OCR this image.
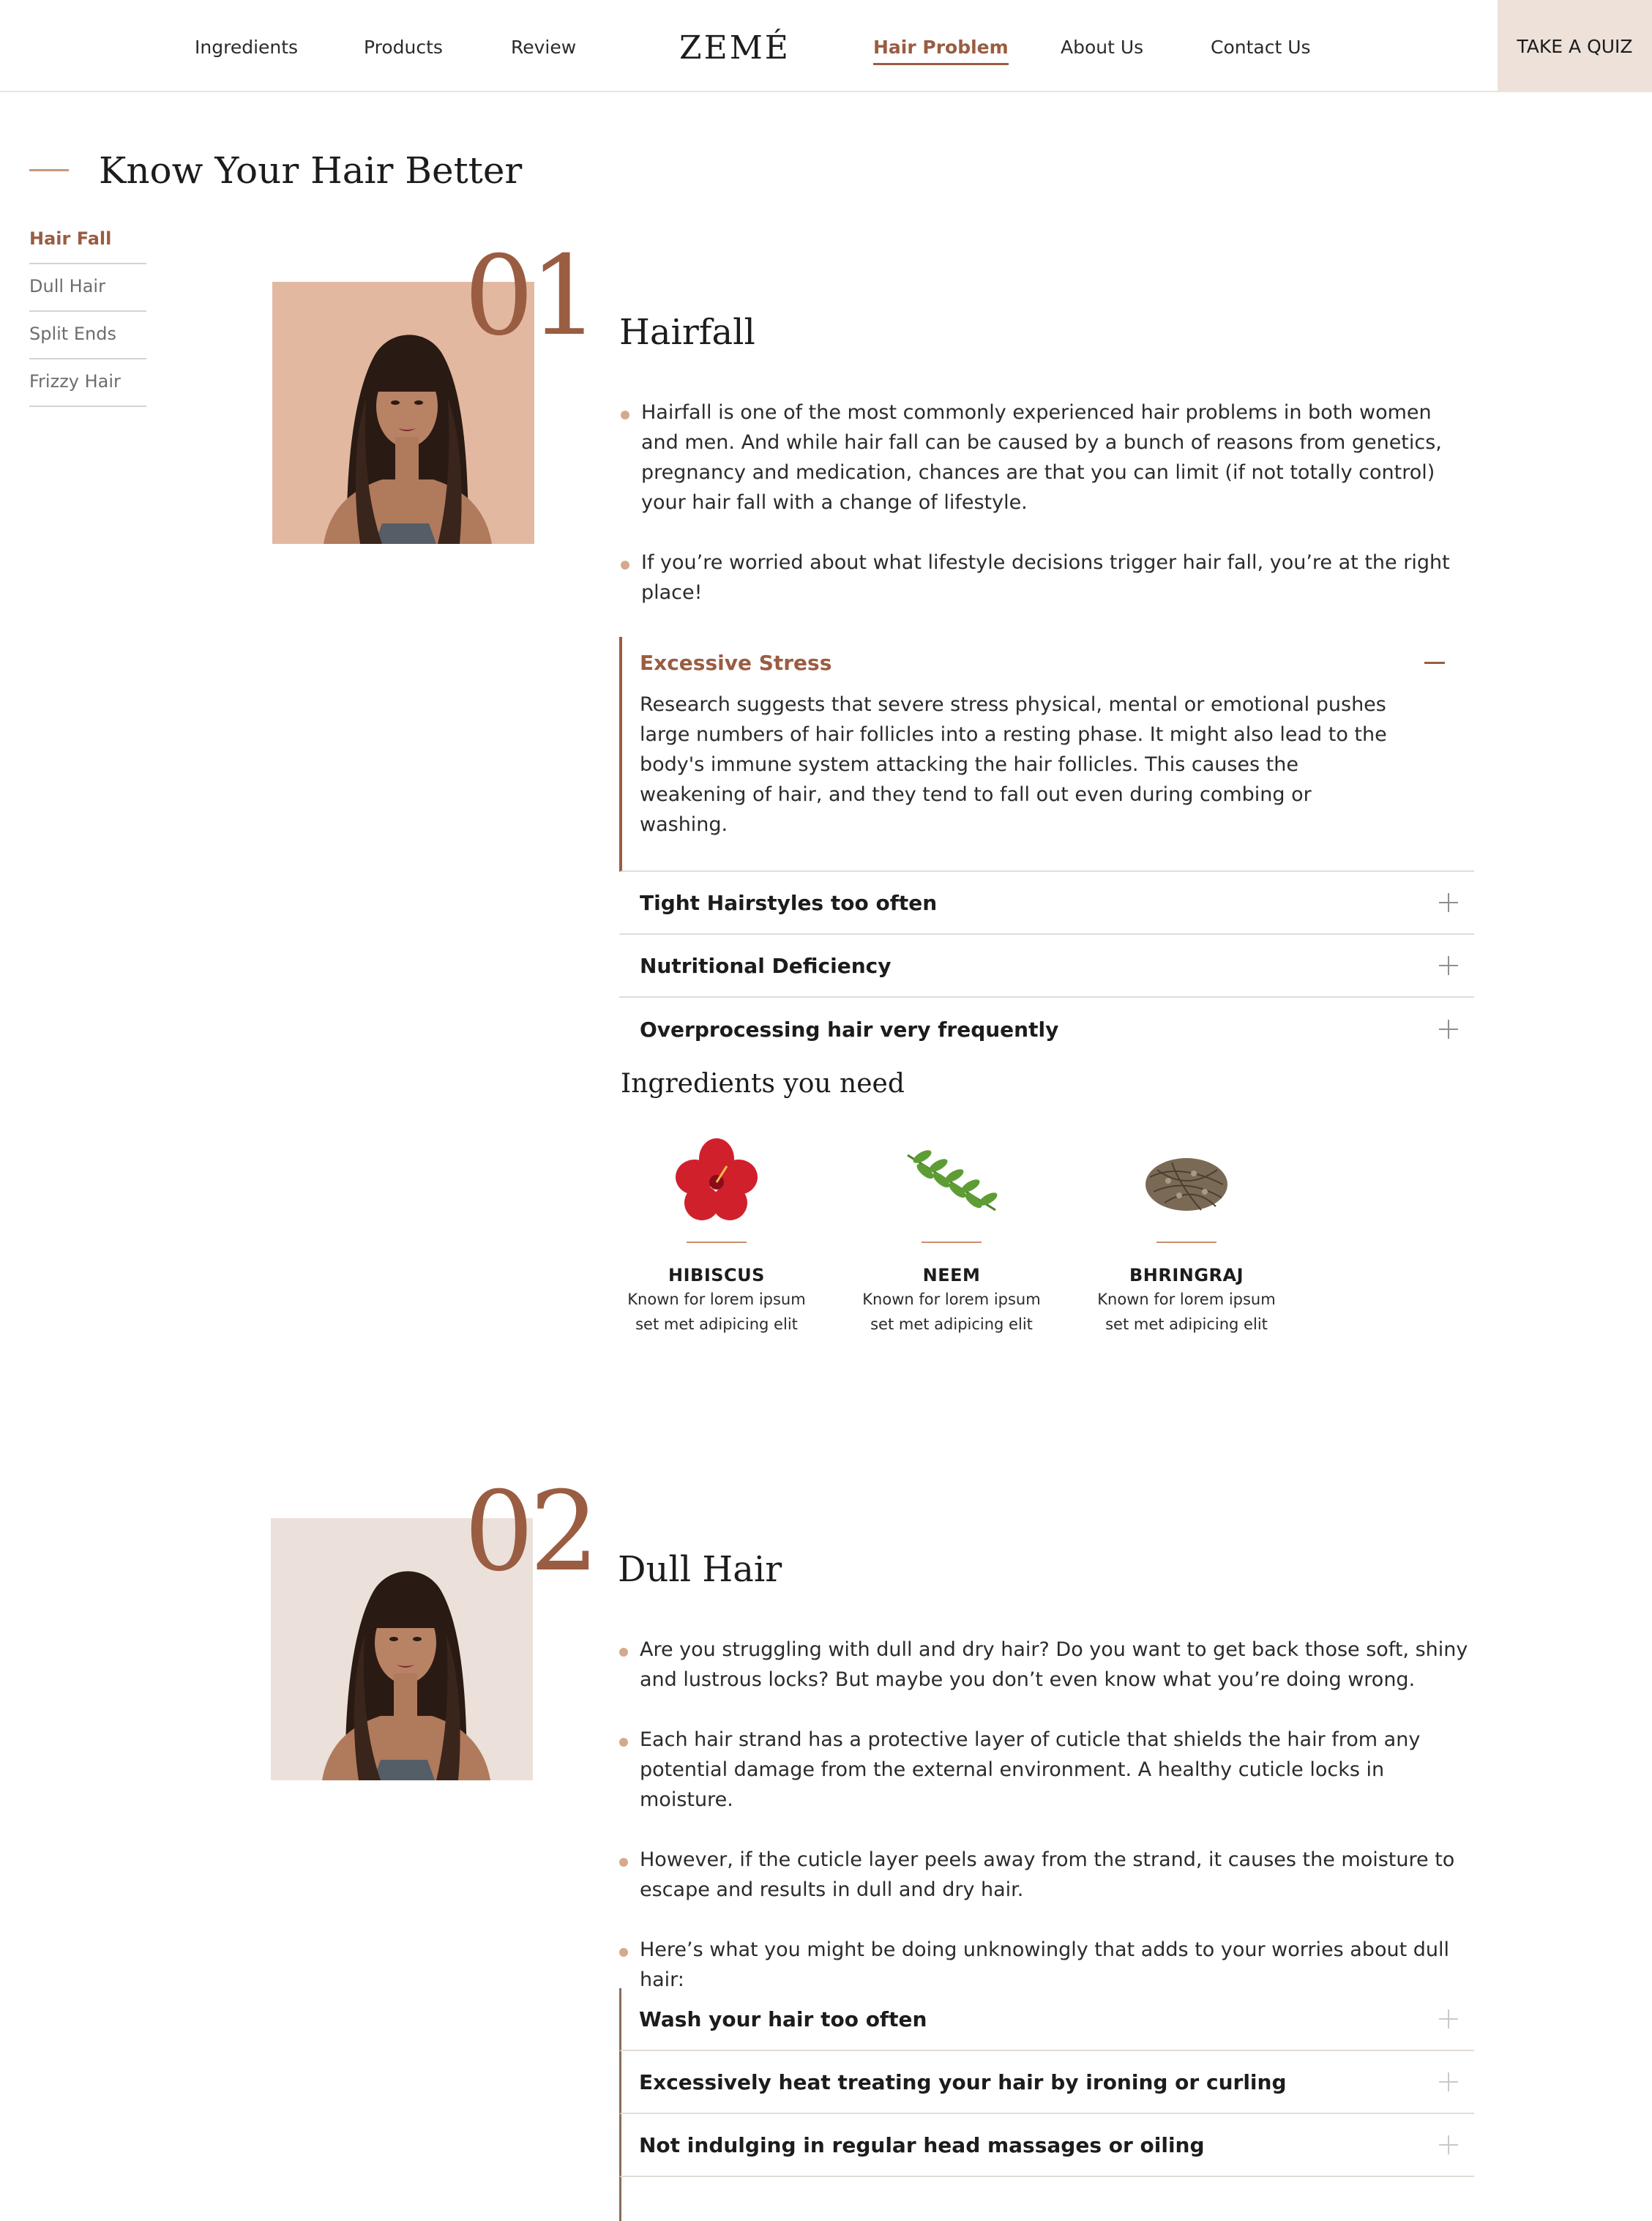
Ingredients	Products	Review	ZEMÉ	Hair Problem	About Us	Contact Us	TAKE A QUIZ
Know Your Hair Better
Hair Fall
Dull Hair
Split Ends
Frizzy Hair
01 Hairfall
Hairfall is one of the most commonly experienced hair problems in both women and men. And while hair fall can be caused by a bunch of reasons from genetics, pregnancy and medication, chances are that you can limit (if not totally control) your hair fall with a change of lifestyle.
If you’re worried about what lifestyle decisions trigger hair fall, you’re at the right place!
Excessive Stress
Research suggests that severe stress physical, mental or emotional pushes large numbers of hair follicles into a resting phase. It might also lead to the body's immune system attacking the hair follicles. This causes the weakening of hair, and they tend to fall out even during combing or washing.
Tight Hairstyles too often
Nutritional Deficiency
Overprocessing hair very frequently
Ingredients you need
HIBISCUS
Known for lorem ipsum
set met adipicing elit
NEEM
Known for lorem ipsum
set met adipicing elit
BHRINGRAJ
Known for lorem ipsum
set met adipicing elit
02 Dull Hair
Are you struggling with dull and dry hair? Do you want to get back those soft, shiny and lustrous locks? But maybe you don’t even know what you’re doing wrong.
Each hair strand has a protective layer of cuticle that shields the hair from any potential damage from the external environment. A healthy cuticle locks in moisture.
However, if the cuticle layer peels away from the strand, it causes the moisture to escape and results in dull and dry hair.
Here’s what you might be doing unknowingly that adds to your worries about dull hair:
Wash your hair too often
Excessively heat treating your hair by ironing or curling
Not indulging in regular head massages or oiling
